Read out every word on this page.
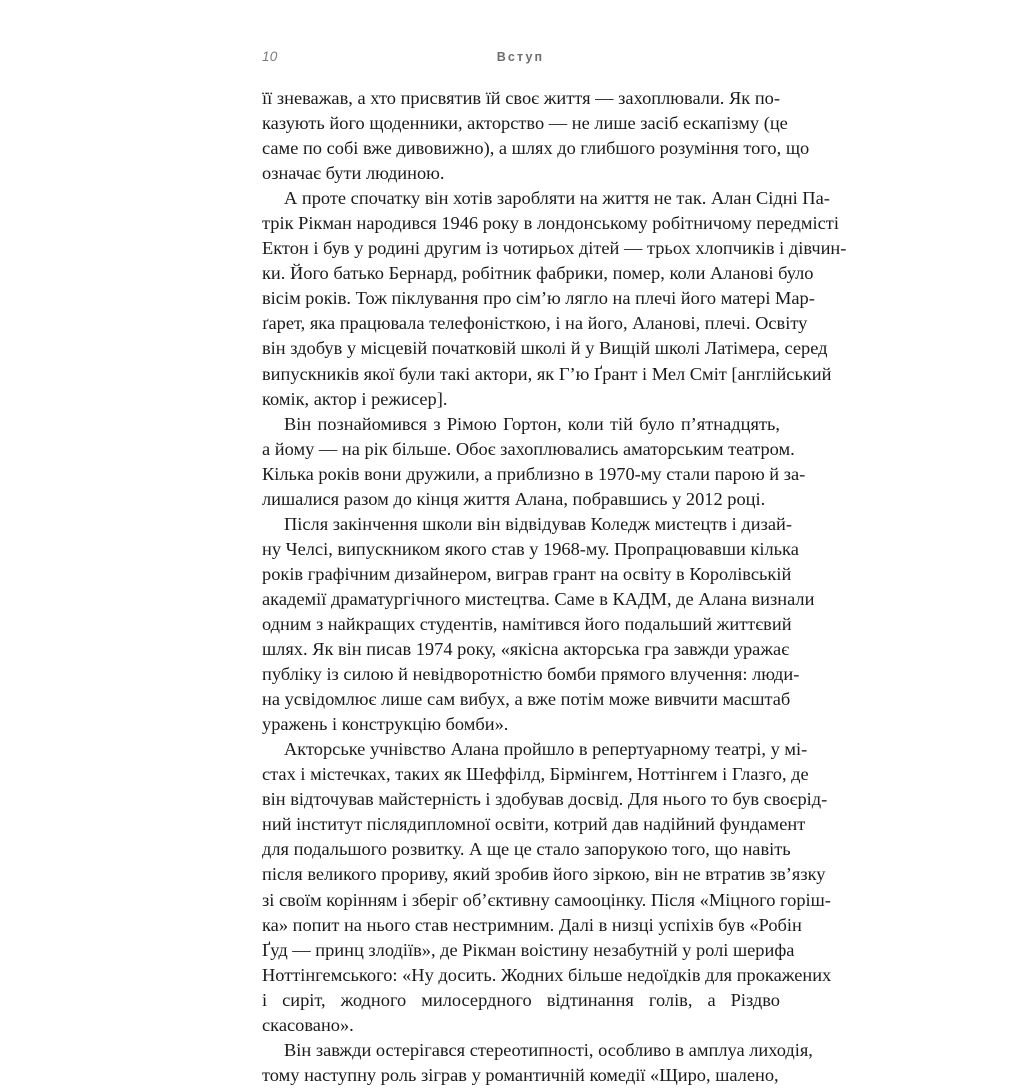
10	Вступ

її зневажав, а хто присвятив їй своє життя — захоплювали. Як по-
казують його щоденники, акторство — не лише засіб ескапізму (це
саме по собі вже дивовижно), а шлях до глибшого розуміння того, що
означає бути людиною.

А проте спочатку він хотів заробляти на життя не так. Алан Сідні Па-
трік Рікман народився 1946 року в лондонському робітничому передмісті
Ектон і був у родині другим із чотирьох дітей — трьох хлопчиків і дівчин-
ки. Його батько Бернард, робітник фабрики, помер, коли Алановi було
вісім років. Тож піклування про сім’ю лягло на плечі його матері Мар-
ґарет, яка працювала телефоністкою, і на його, Аланові, плечі. Освіту
він здобув у місцевій початковій школі й у Вищій школі Латімера, серед
випускників якої були такі актори, як Г’ю Ґрант і Мел Сміт [англійський
комік, актор і режисер].

Він познайомився з Рімою Гортон, коли тій було п’ятнадцять,
а йому — на рік більше. Обоє захоплювались аматорським театром.
Кілька років вони дружили, а приблизно в 1970-му стали парою й за-
лишалися разом до кінця життя Алана, побравшись у 2012 році.

Після закінчення школи він відвідував Коледж мистецтв і дизай-
ну Челсі, випускником якого став у 1968-му. Пропрацювавши кілька
років графічним дизайнером, виграв грант на освіту в Королівській
академії драматургічного мистецтва. Саме в КАДМ, де Алана визнали
одним з найкращих студентів, намітився його подальший життєвий
шлях. Як він писав 1974 року, «якісна акторська гра завжди уражає
публіку із силою й невідворотністю бомби прямого влучення: люди-
на усвідомлює лише сам вибух, а вже потім може вивчити масштаб
уражень і конструкцію бомби».

Акторське учнівство Алана пройшло в репертуарному театрі, у мі-
стах і містечках, таких як Шеффілд, Бірмінгем, Ноттінгем і Глазго, де
він відточував майстерність і здобував досвід. Для нього то був своєрід-
ний інститут післядипломної освіти, котрий дав надійний фундамент
для подальшого розвитку. А ще це стало запорукою того, що навіть
після великого прориву, який зробив його зіркою, він не втратив зв’язку
зі своїм корінням і зберіг об’єктивну самооцінку. Після «Міцного горіш-
ка» попит на нього став нестримним. Далі в низці успіхів був «Робін
Ґуд — принц злодіїв», де Рікман воістину незабутній у ролі шерифа
Ноттінгемського: «Ну досить. Жодних більше недоїдків для прокажених
і сиріт, жодного милосердного відтинання голів, а Різдво скасовано».

Він завжди остерігався стереотипності, особливо в амплуа лиходія,
тому наступну роль зіграв у романтичній комедії «Щиро, шалено,
